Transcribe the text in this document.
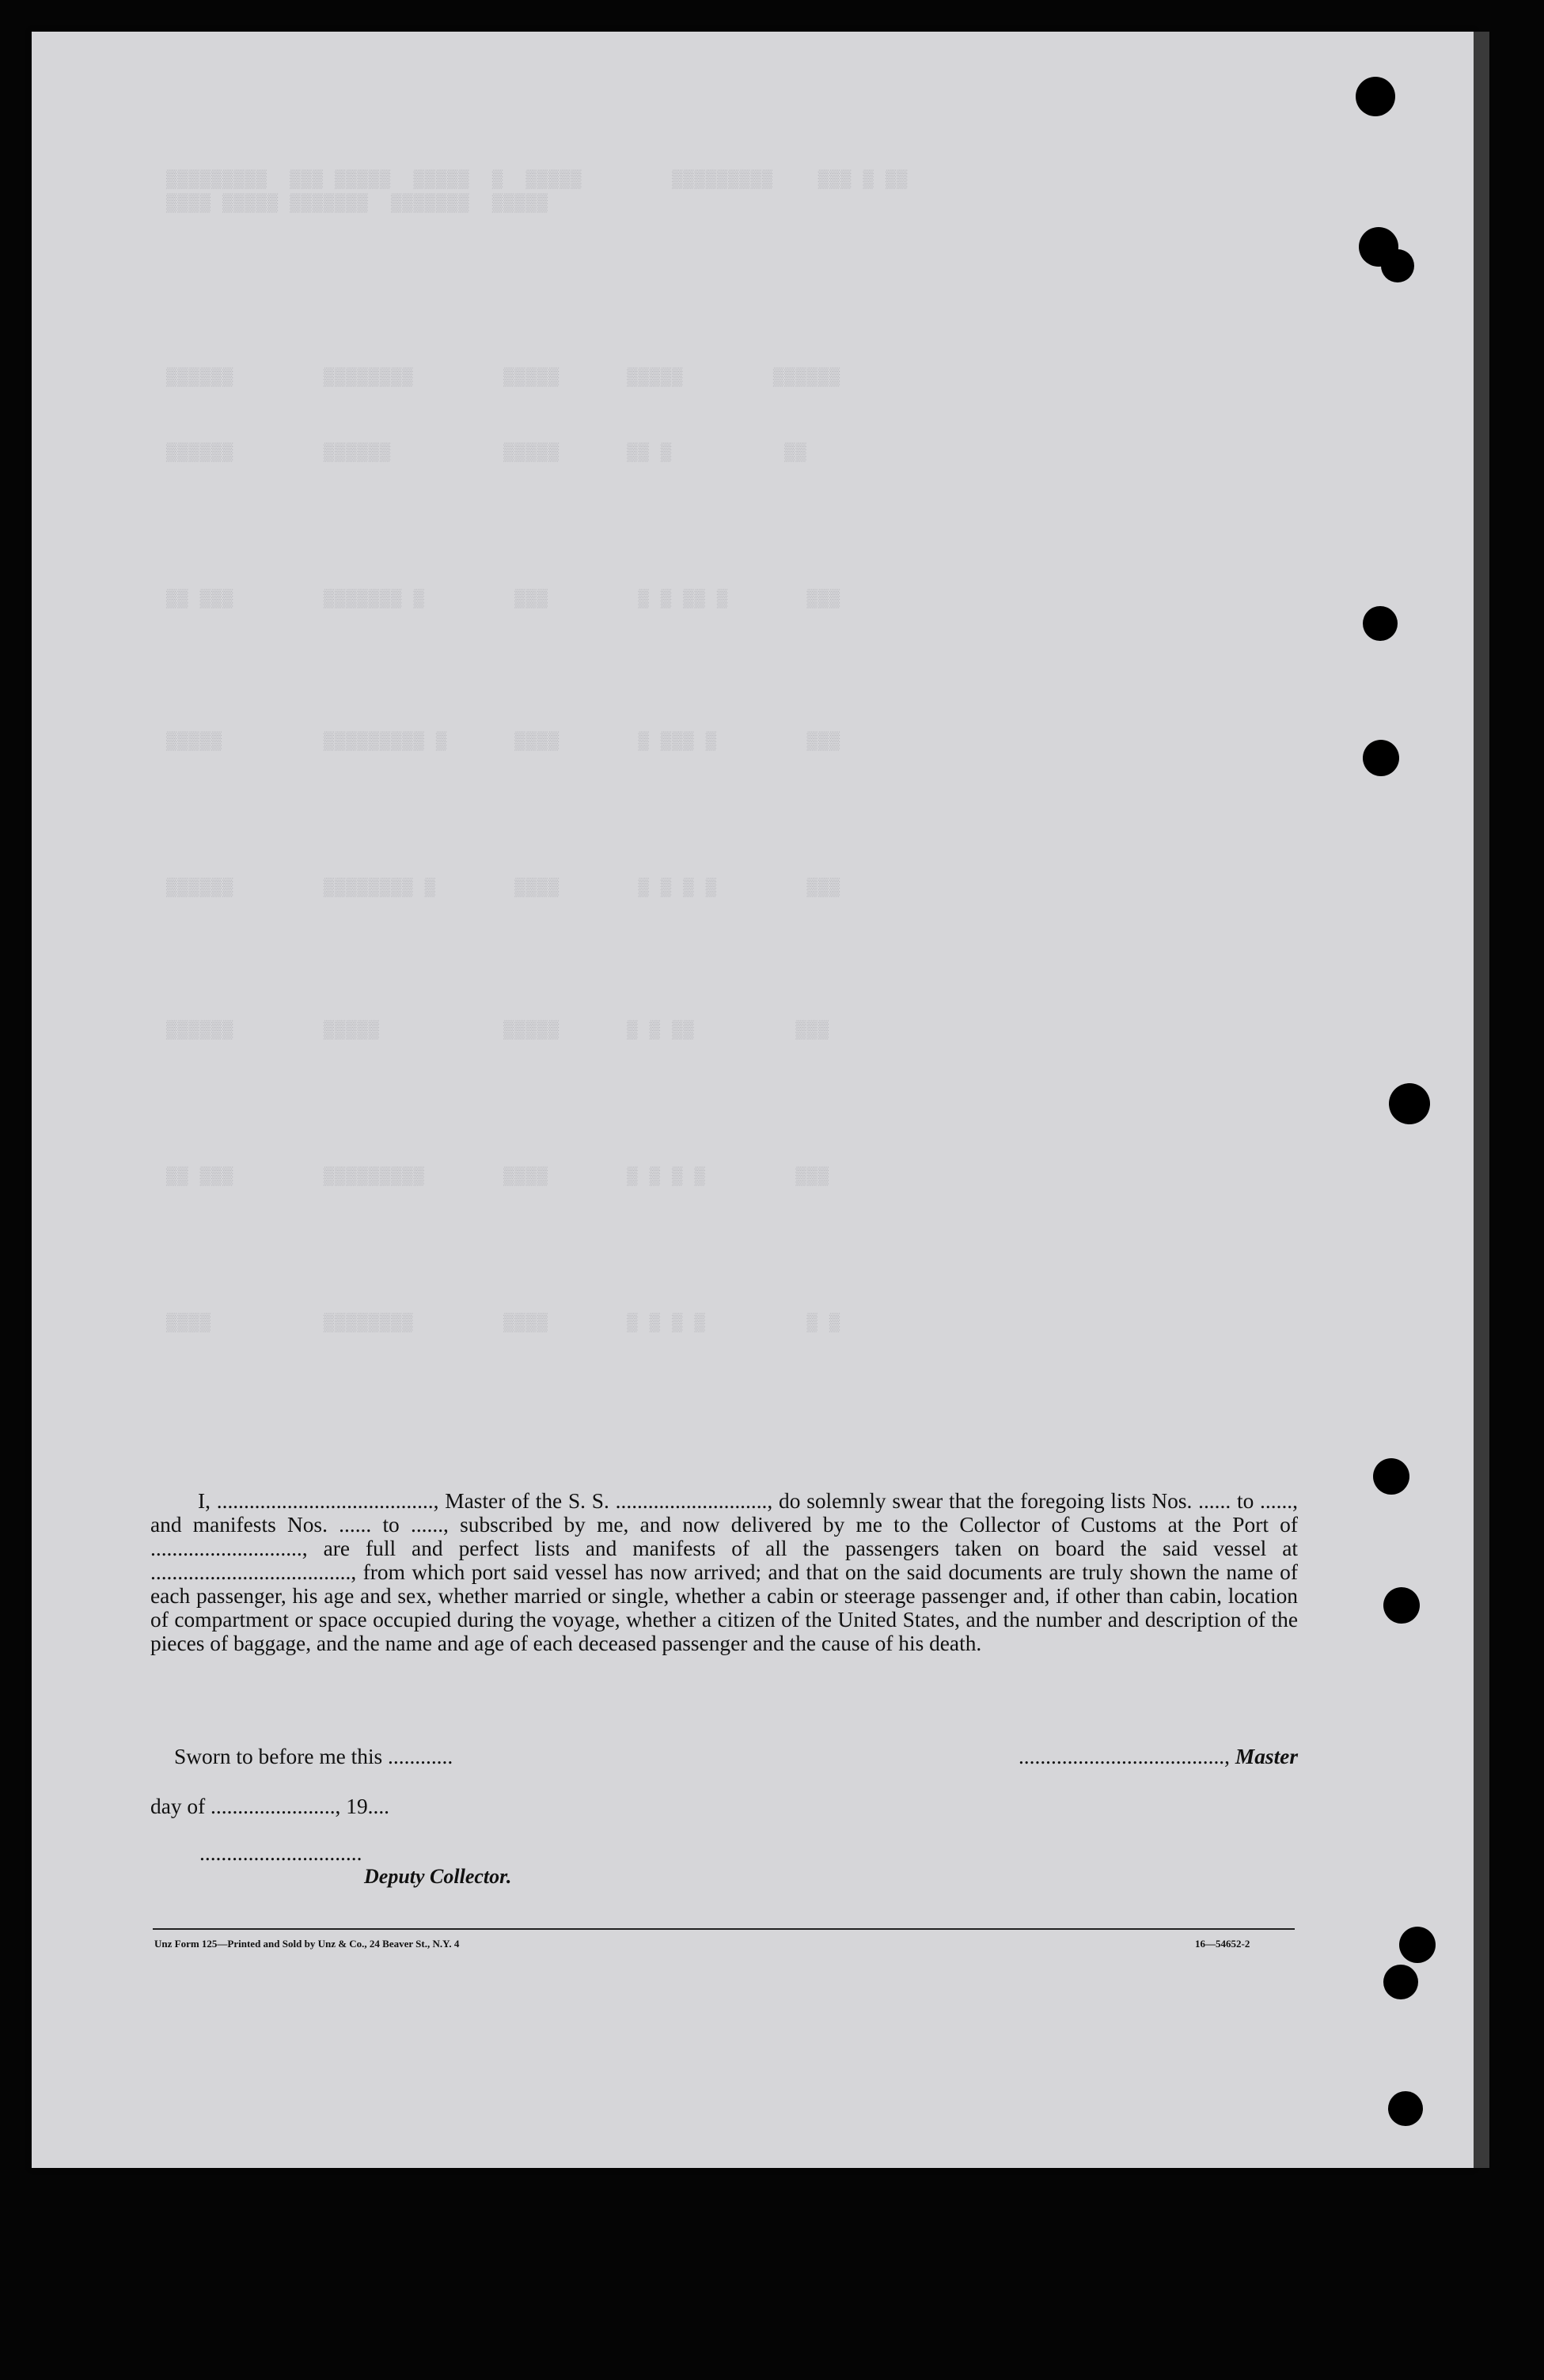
▒▒▒▒▒▒▒▒▒  ▒▒▒ ▒▒▒▒▒  ▒▒▒▒▒  ▒  ▒▒▒▒▒        ▒▒▒▒▒▒▒▒▒    ▒▒▒ ▒ ▒▒
▒▒▒▒ ▒▒▒▒▒ ▒▒▒▒▒▒▒  ▒▒▒▒▒▒▒  ▒▒▒▒▒
▒▒▒▒▒▒        ▒▒▒▒▒▒▒▒        ▒▒▒▒▒      ▒▒▒▒▒        ▒▒▒▒▒▒
▒▒▒▒▒▒        ▒▒▒▒▒▒          ▒▒▒▒▒      ▒▒ ▒          ▒▒
▒▒ ▒▒▒        ▒▒▒▒▒▒▒ ▒        ▒▒▒        ▒ ▒ ▒▒ ▒       ▒▒▒
▒▒▒▒▒         ▒▒▒▒▒▒▒▒▒ ▒      ▒▒▒▒       ▒ ▒▒▒ ▒        ▒▒▒
▒▒▒▒▒▒        ▒▒▒▒▒▒▒▒ ▒       ▒▒▒▒       ▒ ▒ ▒ ▒        ▒▒▒
▒▒▒▒▒▒        ▒▒▒▒▒           ▒▒▒▒▒      ▒ ▒ ▒▒         ▒▒▒
▒▒ ▒▒▒        ▒▒▒▒▒▒▒▒▒       ▒▒▒▒       ▒ ▒ ▒ ▒        ▒▒▒
▒▒▒▒          ▒▒▒▒▒▒▒▒        ▒▒▒▒       ▒ ▒ ▒ ▒         ▒ ▒

I, ........................................, Master of the S. S. ............................, do solemnly swear that the foregoing lists Nos. ...... to ......, and manifests Nos. ...... to ......, subscribed by me, and now delivered by me to the Collector of Customs at the Port of ............................, are full and perfect lists and manifests of all the passengers taken on board the said vessel at ....................................., from which port said vessel has now arrived; and that on the said documents are truly shown the name of each passenger, his age and sex, whether married or single, whether a cabin or steerage passenger and, if other than cabin, location of compartment or space occupied during the voyage, whether a citizen of the United States, and the number and description of the pieces of baggage, and the name and age of each deceased passenger and the cause of his death.

Sworn to before me this ............	......................................, Master
day of ......................., 19....
..............................
Deputy Collector.
Unz Form 125—Printed and Sold by Unz & Co., 24 Beaver St., N.Y. 4	16—54652-2
